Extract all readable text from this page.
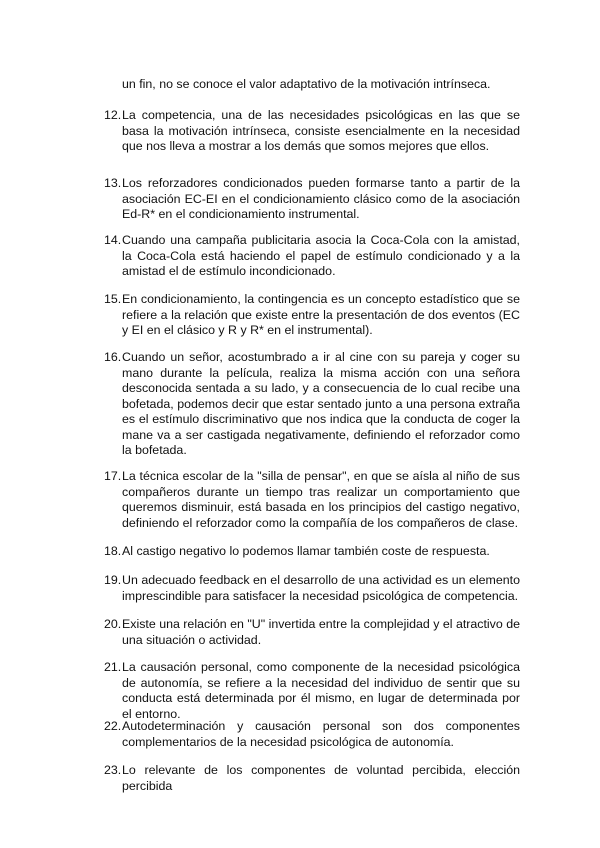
un fin, no se conoce el valor adaptativo de la motivación intrínseca.

12. La competencia, una de las necesidades psicológicas en las que se basa la motivación intrínseca, consiste esencialmente en la necesidad que nos lleva a mostrar a los demás que somos mejores que ellos.

13. Los reforzadores condicionados pueden formarse tanto a partir de la asociación EC-EI en el condicionamiento clásico como de la asociación Ed-R* en el condicionamiento instrumental.

14. Cuando una campaña publicitaria asocia la Coca-Cola con la amistad, la Coca-Cola está haciendo el papel de estímulo condicionado y a la amistad el de estímulo incondicionado.

15. En condicionamiento, la contingencia es un concepto estadístico que se refiere a la relación que existe entre la presentación de dos eventos (EC y EI en el clásico y R y R* en el instrumental).

16. Cuando un señor, acostumbrado a ir al cine con su pareja y coger su mano durante la película, realiza la misma acción con una señora desconocida sentada a su lado, y a consecuencia de lo cual recibe una bofetada, podemos decir que estar sentado junto a una persona extraña es el estímulo discriminativo que nos indica que la conducta de coger la mane va a ser castigada negativamente, definiendo el reforzador como la bofetada.

17. La técnica escolar de la "silla de pensar", en que se aísla al niño de sus compañeros durante un tiempo tras realizar un comportamiento que queremos disminuir, está basada en los principios del castigo negativo, definiendo el reforzador como la compañía de los compañeros de clase.

18. Al castigo negativo lo podemos llamar también coste de respuesta.

19. Un adecuado feedback en el desarrollo de una actividad es un elemento imprescindible para satisfacer la necesidad psicológica de competencia.

20. Existe una relación en "U" invertida entre la complejidad y el atractivo de una situación o actividad.

21. La causación personal, como componente de la necesidad psicológica de autonomía, se refiere a la necesidad del individuo de sentir que su conducta está determinada por él mismo, en lugar de determinada por el entorno.

22. Autodeterminación y causación personal son dos componentes complementarios de la necesidad psicológica de autonomía.

23. Lo relevante de los componentes de voluntad percibida, elección percibida
